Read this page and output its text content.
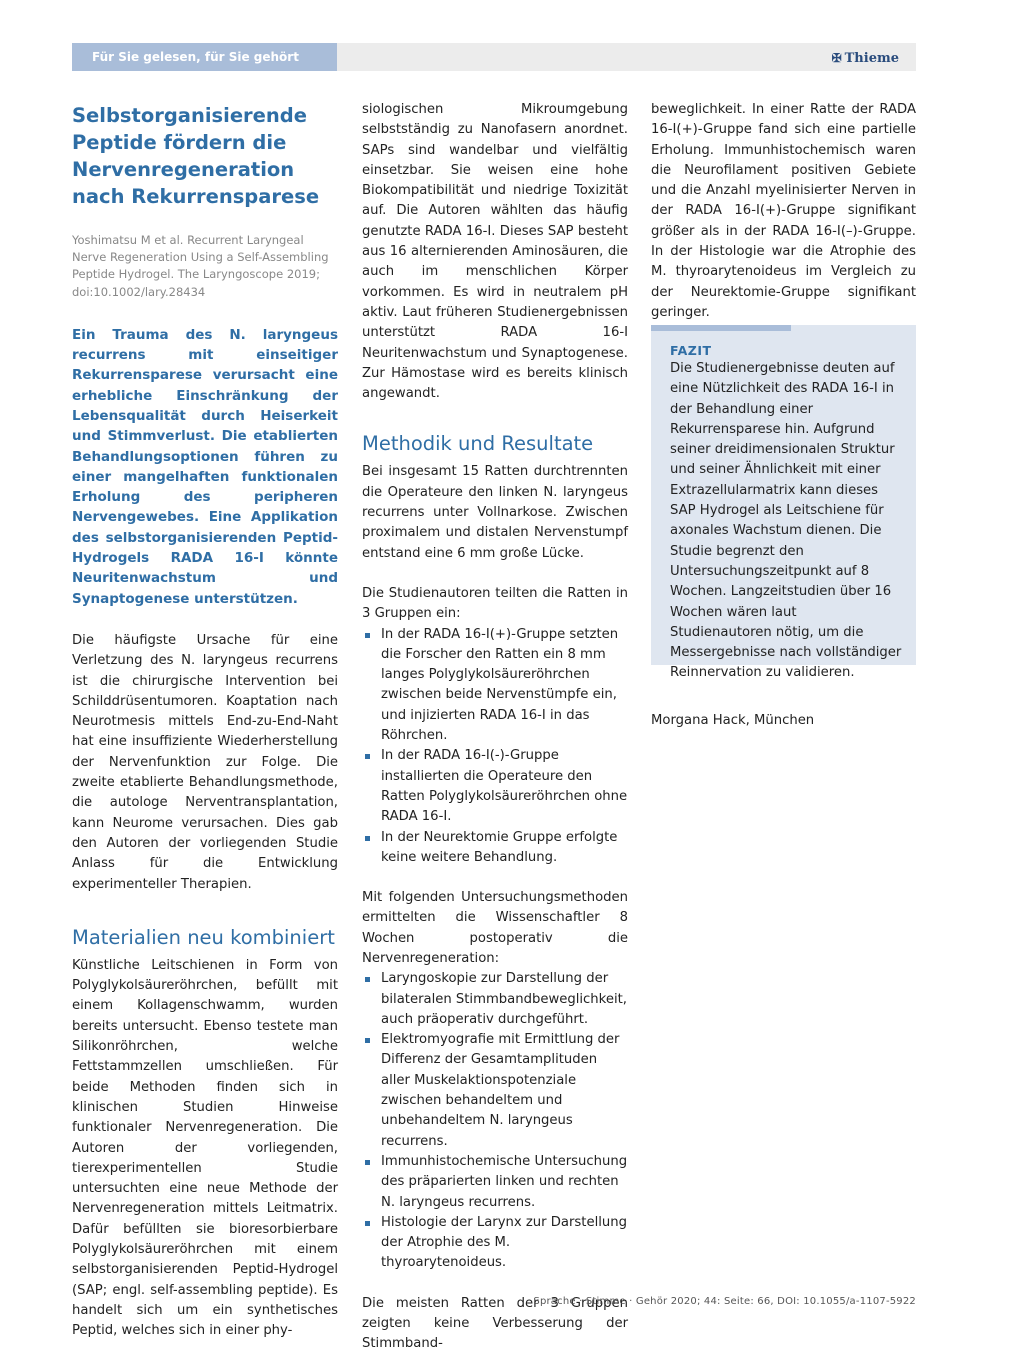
Für Sie gelesen, für Sie gehört	✠ Thieme
Selbstorganisierende Peptide fördern die Nervenregeneration nach Rekurrensparese
Yoshimatsu M et al. Recurrent Laryngeal Nerve Regeneration Using a Self-Assembling Peptide Hydrogel. The Laryngoscope 2019; doi:10.1002/lary.28434
Ein Trauma des N. laryngeus recurrens mit einseitiger Rekurrensparese verursacht eine erhebliche Einschränkung der Lebensqualität durch Heiserkeit und Stimmverlust. Die etablierten Behandlungsoptionen führen zu einer mangelhaften funktionalen Erholung des peripheren Nervengewebes. Eine Applikation des selbstorganisierenden Peptid-Hydrogels RADA 16-I könnte Neuritenwachstum und Synaptogenese unterstützen.

Die häufigste Ursache für eine Verletzung des N. laryngeus recurrens ist die chirurgische Intervention bei Schilddrüsentumoren. Koaptation nach Neurotmesis mittels End-zu-End-Naht hat eine insuffiziente Wiederherstellung der Nervenfunktion zur Folge. Die zweite etablierte Behandlungsmethode, die autologe Nerventransplantation, kann Neurome verursachen. Dies gab den Autoren der vorliegenden Studie Anlass für die Entwicklung experimenteller Therapien.

Materialien neu kombiniert

Künstliche Leitschienen in Form von Polyglykolsäureröhrchen, befüllt mit einem Kollagenschwamm, wurden bereits untersucht. Ebenso testete man Silikonröhrchen, welche Fettstammzellen umschließen. Für beide Methoden finden sich in klinischen Studien Hinweise funktionaler Nervenregeneration. Die Autoren der vorliegenden, tierexperimentellen Studie untersuchten eine neue Methode der Nervenregeneration mittels Leitmatrix. Dafür befüllten sie bioresorbierbare Polyglykolsäureröhrchen mit einem selbstorganisierenden Peptid-Hydrogel (SAP; engl. self-assembling peptide). Es handelt sich um ein synthetisches Peptid, welches sich in einer phy-

siologischen Mikroumgebung selbstständig zu Nanofasern anordnet. SAPs sind wandelbar und vielfältig einsetzbar. Sie weisen eine hohe Biokompatibilität und niedrige Toxizität auf. Die Autoren wählten das häufig genutzte RADA 16-I. Dieses SAP besteht aus 16 alternierenden Aminosäuren, die auch im menschlichen Körper vorkommen. Es wird in neutralem pH aktiv. Laut früheren Studienergebnissen unterstützt RADA 16-I Neuritenwachstum und Synaptogenese. Zur Hämostase wird es bereits klinisch angewandt.

Methodik und Resultate

Bei insgesamt 15 Ratten durchtrennten die Operateure den linken N. laryngeus recurrens unter Vollnarkose. Zwischen proximalem und distalen Nervenstumpf entstand eine 6 mm große Lücke.

Die Studienautoren teilten die Ratten in 3 Gruppen ein:

In der RADA 16-I(+)-Gruppe setzten die Forscher den Ratten ein 8 mm langes Polyglykolsäureröhrchen zwischen beide Nervenstümpfe ein, und injizierten RADA 16-I in das Röhrchen.
In der RADA 16-I(-)-Gruppe installierten die Operateure den Ratten Polyglykolsäureröhrchen ohne RADA 16-I.
In der Neurektomie Gruppe erfolgte keine weitere Behandlung.

Mit folgenden Untersuchungsmethoden ermittelten die Wissenschaftler 8 Wochen postoperativ die Nervenregeneration:

Laryngoskopie zur Darstellung der bilateralen Stimmbandbeweglichkeit, auch präoperativ durchgeführt.
Elektromyografie mit Ermittlung der Differenz der Gesamtamplituden aller Muskelaktionspotenziale zwischen behandeltem und unbehandeltem N. laryngeus recurrens.
Immunhistochemische Untersuchung des präparierten linken und rechten N. laryngeus recurrens.
Histologie der Larynx zur Darstellung der Atrophie des M. thyroarytenoideus.

Die meisten Ratten der 3 Gruppen zeigten keine Verbesserung der Stimmband-

beweglichkeit. In einer Ratte der RADA 16-I(+)-Gruppe fand sich eine partielle Erholung. Immunhistochemisch waren die Neurofilament positiven Gebiete und die Anzahl myelinisierter Nerven in der RADA 16-I(+)-Gruppe signifikant größer als in der RADA 16-I(–)-Gruppe. In der Histologie war die Atrophie des M. thyroarytenoideus im Vergleich zu der Neurektomie-Gruppe signifikant geringer.

FAZIT
Die Studienergebnisse deuten auf eine Nützlichkeit des RADA 16-I in der Behandlung einer Rekurrensparese hin. Aufgrund seiner dreidimensionalen Struktur und seiner Ähnlichkeit mit einer Extrazellularmatrix kann dieses SAP Hydrogel als Leitschiene für axonales Wachstum dienen. Die Studie begrenzt den Untersuchungszeitpunkt auf 8 Wochen. Langzeitstudien über 16 Wochen wären laut Studienautoren nötig, um die Messergebnisse nach vollständiger Reinnervation zu validieren.
Morgana Hack, München
Sprache · Stimme · Gehör 2020; 44: Seite: 66, DOI: 10.1055/a-1107-5922
